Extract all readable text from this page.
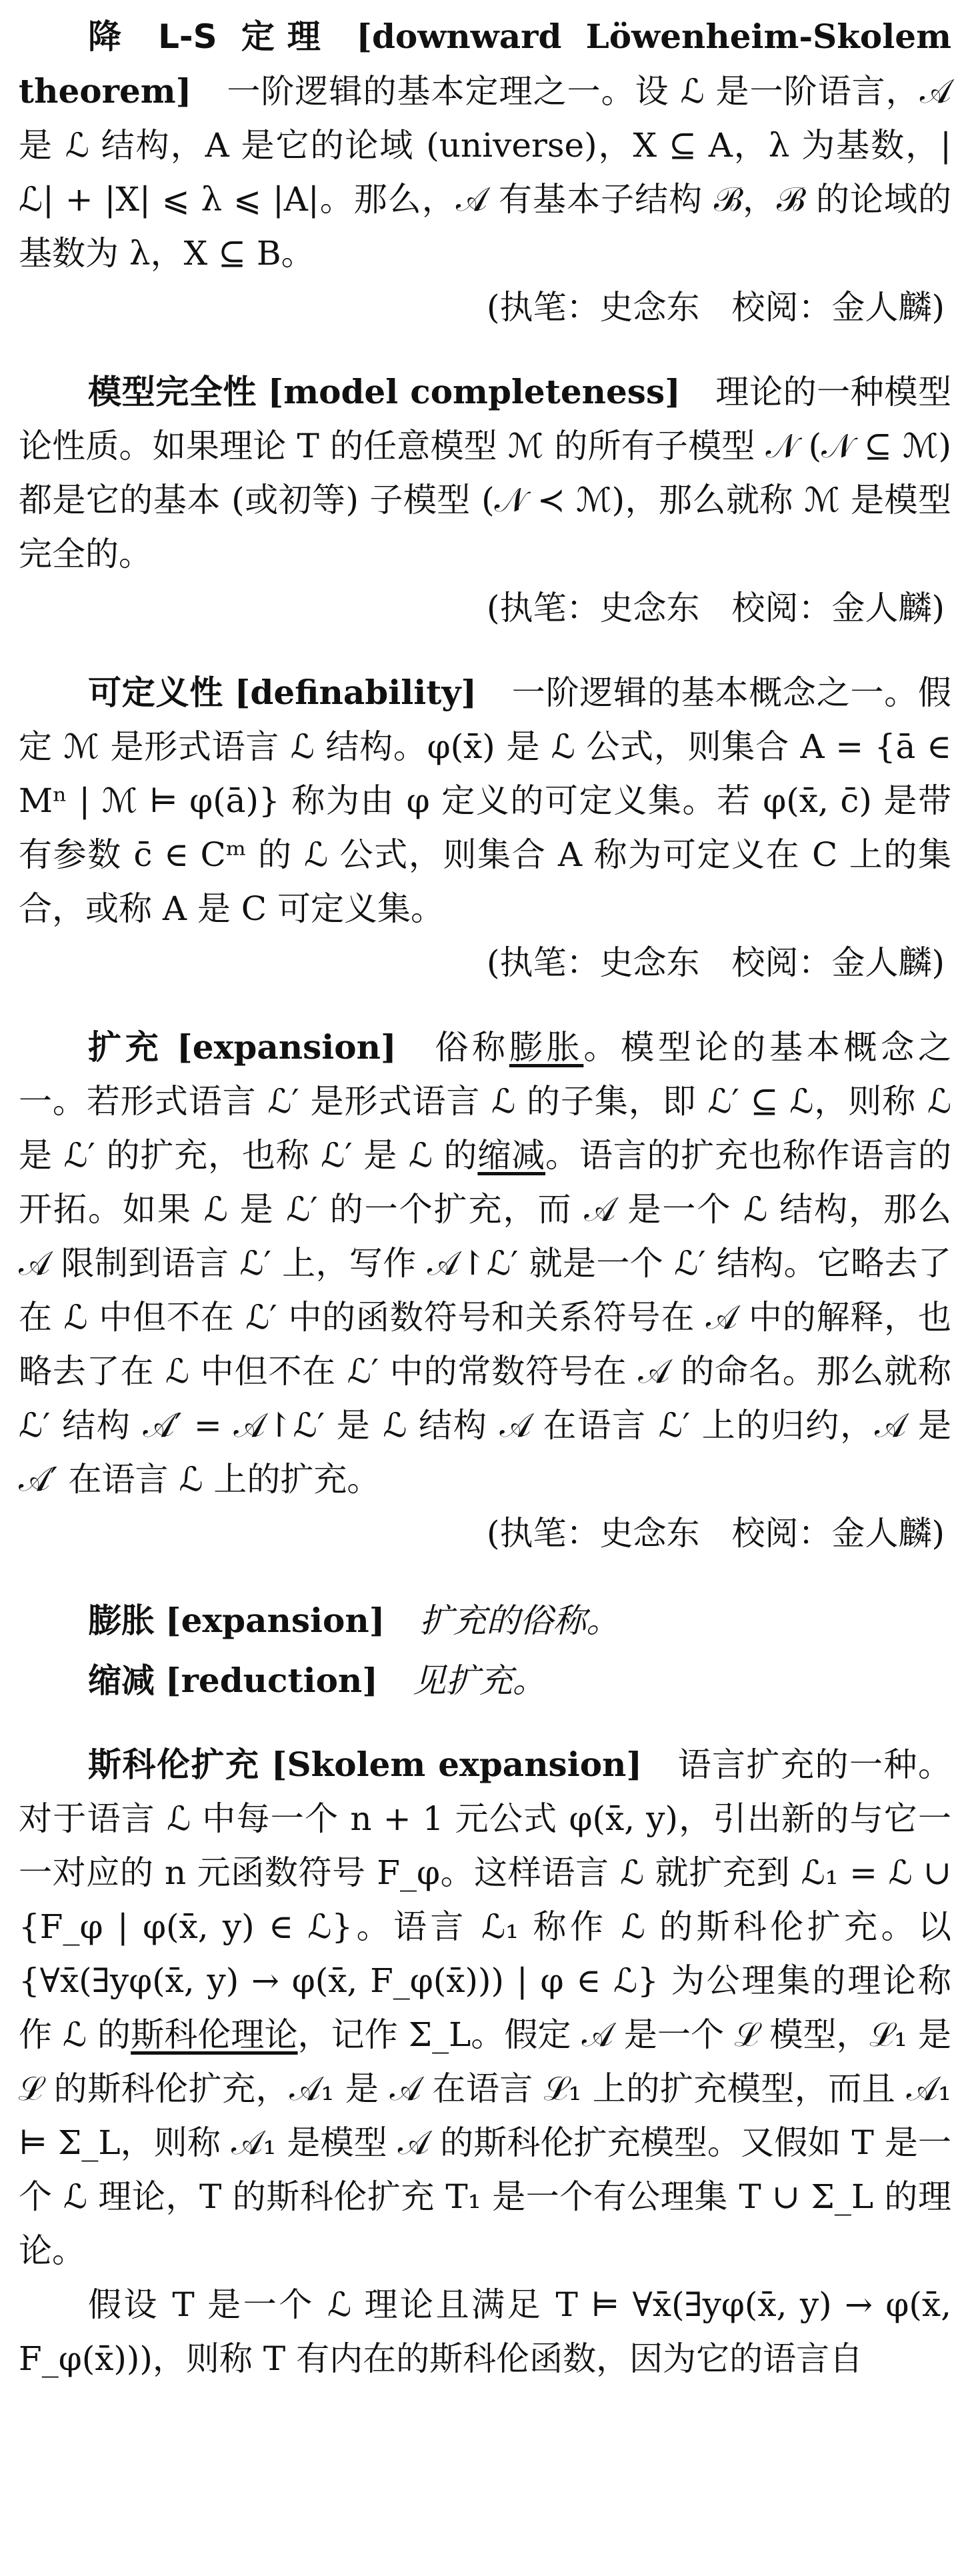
降 L-S 定理 [downward Löwenheim-Skolem theorem] 一阶逻辑的基本定理之一。设 ℒ 是一阶语言，𝒜 是 ℒ 结构，A 是它的论域 (universe)，X ⊆ A，λ 为基数，|ℒ| + |X| ⩽ λ ⩽ |A|。那么，𝒜 有基本子结构 ℬ，ℬ 的论域的基数为 λ，X ⊆ B。

(执笔：史念东 校阅：金人麟)

模型完全性 [model completeness] 理论的一种模型论性质。如果理论 T 的任意模型 ℳ 的所有子模型 𝒩 (𝒩 ⊆ ℳ) 都是它的基本 (或初等) 子模型 (𝒩 ≺ ℳ)，那么就称 ℳ 是模型完全的。

(执笔：史念东 校阅：金人麟)

可定义性 [definability] 一阶逻辑的基本概念之一。假定 ℳ 是形式语言 ℒ 结构。φ(x̄) 是 ℒ 公式，则集合 A = {ā ∈ Mⁿ | ℳ ⊨ φ(ā)} 称为由 φ 定义的可定义集。若 φ(x̄, c̄) 是带有参数 c̄ ∈ Cᵐ 的 ℒ 公式，则集合 A 称为可定义在 C 上的集合，或称 A 是 C 可定义集。

(执笔：史念东 校阅：金人麟)

扩充 [expansion] 俗称膨胀。模型论的基本概念之一。若形式语言 ℒ′ 是形式语言 ℒ 的子集，即 ℒ′ ⊆ ℒ，则称 ℒ 是 ℒ′ 的扩充，也称 ℒ′ 是 ℒ 的缩减。语言的扩充也称作语言的开拓。如果 ℒ 是 ℒ′ 的一个扩充，而 𝒜 是一个 ℒ 结构，那么 𝒜 限制到语言 ℒ′ 上，写作 𝒜↾ℒ′ 就是一个 ℒ′ 结构。它略去了在 ℒ 中但不在 ℒ′ 中的函数符号和关系符号在 𝒜 中的解释，也略去了在 ℒ 中但不在 ℒ′ 中的常数符号在 𝒜 的命名。那么就称 ℒ′ 结构 𝒜′ = 𝒜↾ℒ′ 是 ℒ 结构 𝒜 在语言 ℒ′ 上的归约，𝒜 是 𝒜′ 在语言 ℒ 上的扩充。

(执笔：史念东 校阅：金人麟)

膨胀 [expansion] 扩充的俗称。

缩减 [reduction] 见扩充。

斯科伦扩充 [Skolem expansion] 语言扩充的一种。对于语言 ℒ 中每一个 n + 1 元公式 φ(x̄, y)，引出新的与它一一对应的 n 元函数符号 F_φ。这样语言 ℒ 就扩充到 ℒ₁ = ℒ ∪ {F_φ | φ(x̄, y) ∈ ℒ}。语言 ℒ₁ 称作 ℒ 的斯科伦扩充。以 {∀x̄(∃yφ(x̄, y) → φ(x̄, F_φ(x̄))) | φ ∈ ℒ} 为公理集的理论称作 ℒ 的斯科伦理论，记作 Σ_L。假定 𝒜 是一个 ℒ 模型，ℒ₁ 是 ℒ 的斯科伦扩充，𝒜₁ 是 𝒜 在语言 ℒ₁ 上的扩充模型，而且 𝒜₁ ⊨ Σ_L，则称 𝒜₁ 是模型 𝒜 的斯科伦扩充模型。又假如 T 是一个 ℒ 理论，T 的斯科伦扩充 T₁ 是一个有公理集 T ∪ Σ_L 的理论。

假设 T 是一个 ℒ 理论且满足 T ⊨ ∀x̄(∃yφ(x̄, y) → φ(x̄, F_φ(x̄)))，则称 T 有内在的斯科伦函数，因为它的语言自
